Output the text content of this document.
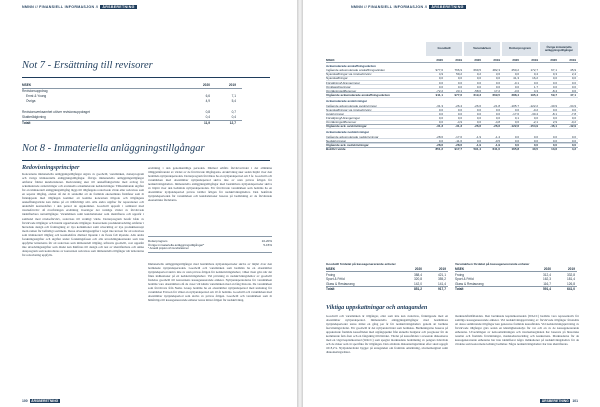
NMNN // FINANSIELL INFORMASJON // ÅRSBERETNING
Not 7 - Ersättning till revisorer
MSEK	2020	2019
Revisionsuppdrag
Ernst & Young	6,6	7,1
Övriga	4,9	5,4
Revisionsverksamhet utöver revisionsuppdraget	0,8	0,7
Skatterådgivning	0,4	0,4
Totalt	11,9	12,7
Not 8 - Immateriella anläggningstillgångar
Redovisningsprinciper
Koncernens immateriella anläggningstillgångar utgörs av goodwill, varumärken, dotterprogram och övriga immateriella anläggningstillgångar. Övriga immateriella anläggningstillgångar omfattar främst kundrelationer. Redovisning sker till anskaffningsvärde med avdrag för ackumulerade avskrivningar och eventuella ackumulerade nedskrivningar. Tillkommande utgifter för en immateriell anläggningstillgång läggs till tillgångens redovisade värde eller redovisas som en separat tillgång, endast då det är sannolikt att de framtida ekonomiska förmåner som är förknippade med tillgången kommer att komma koncernen tillgodo och tillgångens anskaffningsvärde kan mätas på ett tillförlitligt sätt. Alla andra utgifter för reparationer och underhåll kostnadsförs i den period de uppkommer. Goodwill uppstår i samband med rörelseförvärv då överföringen ersättning överstiger det verkliga värdet av förvärvade identifierbara nettotillgångar. Varumärken samt kundrelationer som identifieras och uppstår i samband med rörelseförvärv, redovisas till verkligt värde. Dotterprogram består både av förvärvade tillgångar och internt upparbetade tillgångar. Koncernens produktutveckling omfattar i huvudsak design och framtagning av nya kollektioner samt utveckling av nya produktkoncept inom ramen för befintligt sortiment. Dessa utvecklingsutgifter i regel inte kraven för att redovisas som immateriell tillgång och kostnadsförs därmed löpande i de flesta fall löpande. Alla andra forskningsutgifter och utgifter under forskningsfasen och alla utvecklingskostnader som inte uppfyller kriterierna för att redovisas som immateriell tillgång, utföratts goodwill, cost uppstått inte utvecklingsutgifter som direkt kan hänföras till design och test av identifierbara och unika dataprogram som kontrolleras av koncernen redovisas som immateriella tillgångar när kriterierna för redovisning uppfylls.
ersättning i den genomsnittliga perioden. Därmed erhålls förvärvsvärdet i det allmänna tilläggsinförandet av värdet av de förvärvade tillgångarna. Avskrivning sker sedan linjärt över den bedömda nyttjandeperioden. Dotterprogram förväntas ha en nyttjandeperiod om 3 år. Goodwill och varumärken med obestämbar nyttjandeperiod skrivs inte av utan prövas årligen för nedskrivningsbehov. Immateriella anläggningstillgångar med bestämbara nyttjandeperioder skrivs av linjärt över den bedömda nyttjandeperioden. För förvärvade varumärken som bedöms ha en obestämbar nyttjandeperiod prövas istället årligen för nedskrivningsbehov. Den bokförda nyttjandeperioden för varumärken och kundrelationer baseras på bedömning av de förväntade ekonomiska fördelarna.
Dotterprogram	10-20%
Övriga immateriella anläggningstillgångar*	5-15%
* Avsedd projekt och kundrelationer
Immateriella anläggningstillgångar med bestämbara nyttjandeperioder skrivs av linjärt över den beräknade nyttjandeperioden. Goodwill och varumärken som bedömts ha en obestämbar nyttjandeperiod skrivs inte av utan prövas årligen för nedskrivningsbehov, vilket även görs när det finns indikationer på ett nedskrivningsbehov. Vid prövning av nedskrivningsbehov av goodwill fördelas goodwill till koncernens kassagenererande enheter. Nyttjandeperioderna för varumärken bedöms vara obestämbara då de avser väl kända varumärken med en lång historia. De varumärken som förvärvats från Nemo Group bedöms ha en obestämbar nyttjandeperiod med undantag för varumärket Ericson för vilket en nyttjandeperiod om 10 år bedöms. Goodwill och varumärken med obestämbar nyttjandeperiod som skrivs av prövas årligen. Goodwill och varumärken som är hänförliga till kassagenererande enheter testas minst årligen för nedskrivning.
100 ÅRSBERETNING
NMNN // FINANSIELL INFORMASJON // ÅRSBERETNING
Goodwill	Varumärken	Dotterprogram	Övriga immateriella anläggningstillgångar
MSEK	2020	2019	2020	2019	2020	2019	2020	2019
Ackumulerade anskaffningsvärden
Ingående ackumulerade anskaffningsvärden	977,6	766,9	669,5	482,3	250,2	172,7	67,1	45,9
Nyanskaffningar via rörelseförvärv	4,9	59,2	0,2	3,6	0,0	0,4	0,3	2,4
Nyanskaffningar	0,0	0,0	0,0	0,0	41,3	16,2	0,0	0,0
Försäljning/Utrangeringar	0,0	0,0	0,0	0,0	-0,1	0,0	0,0	0,0
Omklassificeringar	0,0	0,0	0,0	0,0	0,0	1,7	0,0	0,0
Omräkningsdifferenser	-72,2	23,1	-58,6	17,2	-3,0	4,3	-8,4	0,6
Utgående ackumulerade anskaffningsvärden	911,1	977,6	619,3	669,5	288,4	195,4	59,7	47,1
Ackumulerade avskrivningar
Ingående ackumulerade avskrivningar	-31,3	-26,4	-26,6	-21,8	-105,7	-122,2	-40,9	-34,9
Nyanskaffningar via rörelseförvärv	0,0	0,0	0,0	0,0	0,0	-0,2	0,0	0,0
Avskrivningar	0,0	0,0	0,0	0,0	-17,6	-30,4	-8,1	-7,8
Försäljning/Utrangeringar	0,0	0,0	0,0	0,0	0,1	0,0	0,0	0,0
Omräkningsdifferenser	0,0	-4,9	0,0	-4,8	0,6	-2,1	2,9	-0,2
Utgående ack. avskrivningar	-31,3	-31,3	-26,6	-26,6	-122,6	-154,9	-46,1	-42,9
Ackumulerade nedskrivningar
Ingående ackumulerade nedskrivningar	-28,6	-17,0	-1,9	-1,4	0,0	0,0	0,0	0,0
Nedskrivningar	0,0	-11,6	0,0	-0,5	0,0	0,0	0,0	0,0
Utgående ack. nedskrivningar	-28,6	-28,6	-1,9	-1,9	0,0	0,0	0,0	0,0
Bokfört värde	851,2	917,7	591,4	641,0	165,8	40,5	13,6	4,2
Goodwill fördelat på kassagenererande enheter
MSEK	2020	2019
Froing	388,4	421,1
Sport & Fritid	320,8	355,2
Glass & Restaurang	142,0	141,4
Totalt	851,2	917,7
Varumärken fördelat på kassagenererande enheter
MSEK	2020	2019
Froing	312,4	332,8
Sport & Fritid	162,3	181,4
Glass & Restaurang	116,7	126,8
Totalt	591,4	641,0
Viktiga uppskattningar och antaganden
Goodwill och varumärken är tillgångar, eller som inte kan avskrivas, förknippade med en obestämbar nyttjandeperiod. Immateriella anläggningstillgångar med bestämbara nyttjandeperioder testas minst en gång per år för nedskrivningsbehov genom att beräkna återvinningsvärdet. För goodwill är det nyttjandevärdet som beräknas. Beräkningarna baseras på uppskattade framtida kassaflöden med utgångspunkt från aktuella budgetar och prognoser för de kommande fem åren och en långsiktig tillväxttakt. Värdet på kassaflöden i avseende diskonteras med en vägd kapitalkostnad (WACC) som speglar marknadens bedömning av pengars tidsvärde och de risker som är specifika för tillgången. Den använda diskonteringsräntan efter skatt uppgår till 8,2%. Nyttjandevärdet bygger på antaganden om framtida omsättning, rörelsemarginal samt diskonteringsräntor.
marknadsförhållanden. Den beräknade kapitalkostnaden (WACC) bedöms vara representativ för samtliga kassagenererande enheter. Vid nedskrivningsprövning av förvärvade tillgångar förutsätts att dessa samhörande tillgångar kan genereras framtida kassaflöden. Vid nedskrivningsprövning av förvärvade tillgångar görs sedan en känslighetsanalys för var och en av de kassagenererande enheterna. Utvecklingen av nettoomsättningen och rörelsemarginalen har baserats på historiska resultat och framtida förväntningar, marknadsutveckling och konkurrens. Marknaderna för de kassagenererande enheterna har inte identifierat några indikationer på nedskrivningsbehov för de värdena som koncernens ledning bedömer. Några nedskrivningsbehov har inte identifierats.
ÅRSBERETNING 101
